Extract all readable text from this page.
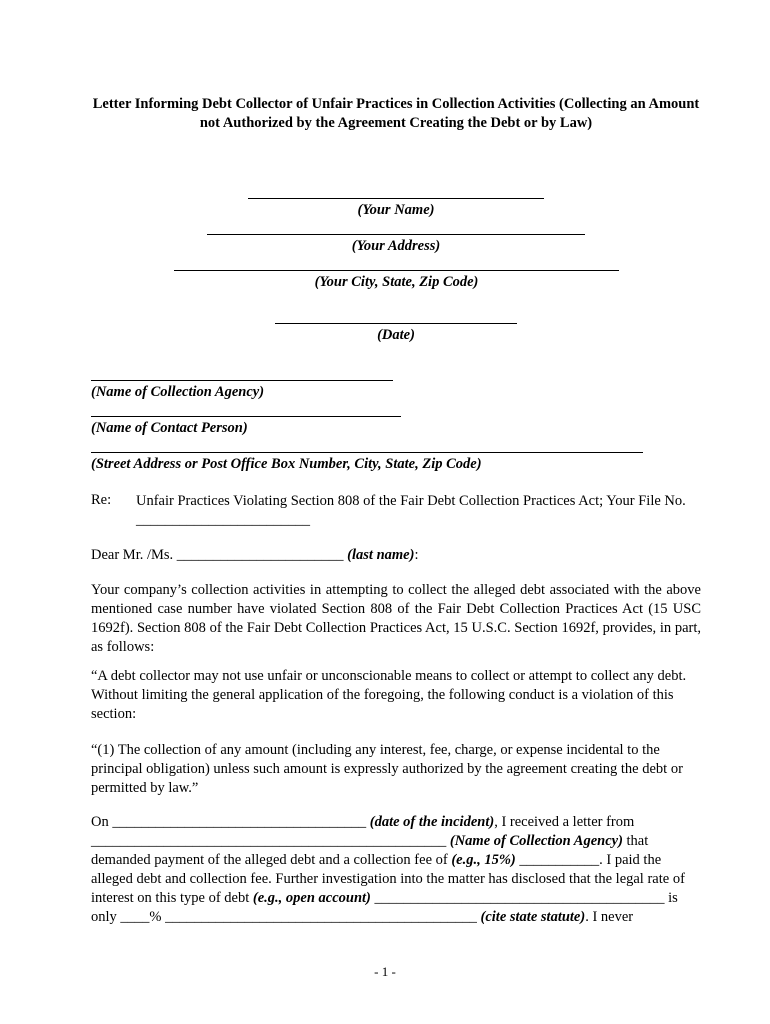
Letter Informing Debt Collector of Unfair Practices in Collection Activities (Collecting an Amount not Authorized by the Agreement Creating the Debt or by Law)
(Your Name)
(Your Address)
(Your City, State, Zip Code)
(Date)
(Name of Collection Agency)
(Name of Contact Person)
(Street Address or Post Office Box Number, City, State, Zip Code)
Re: Unfair Practices Violating Section 808 of the Fair Debt Collection Practices Act; Your File No. ________________________
Dear Mr. /Ms. _______________________ (last name):
Your company’s collection activities in attempting to collect the alleged debt associated with the above mentioned case number have violated Section 808 of the Fair Debt Collection Practices Act (15 USC 1692f). Section 808 of the Fair Debt Collection Practices Act, 15 U.S.C. Section 1692f, provides, in part, as follows:
“A debt collector may not use unfair or unconscionable means to collect or attempt to collect any debt. Without limiting the general application of the foregoing, the following conduct is a violation of this section:
“(1) The collection of any amount (including any interest, fee, charge, or expense incidental to the principal obligation) unless such amount is expressly authorized by the agreement creating the debt or permitted by law.”
On ___________________________________ (date of the incident), I received a letter from _________________________________________________ (Name of Collection Agency) that demanded payment of the alleged debt and a collection fee of (e.g., 15%) ___________. I paid the alleged debt and collection fee. Further investigation into the matter has disclosed that the legal rate of interest on this type of debt (e.g., open account) ________________________________________ is only ____% ___________________________________________ (cite state statute). I never
- 1 -
